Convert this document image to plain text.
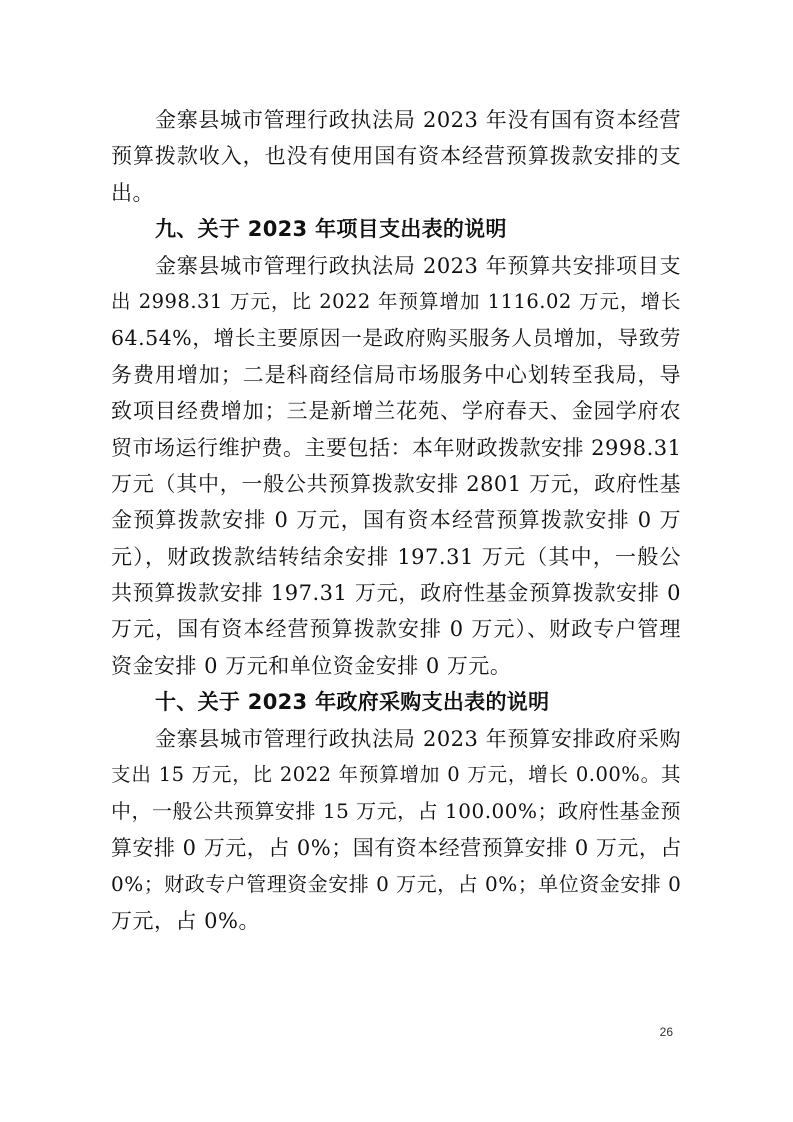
金寨县城市管理行政执法局 2023 年没有国有资本经营
预算拨款收入，也没有使用国有资本经营预算拨款安排的支
出。
九、关于 2023 年项目支出表的说明
金寨县城市管理行政执法局 2023 年预算共安排项目支
出 2998.31 万元，比 2022 年预算增加 1116.02 万元，增长
64.54%，增长主要原因一是政府购买服务人员增加，导致劳
务费用增加；二是科商经信局市场服务中心划转至我局，导
致项目经费增加；三是新增兰花苑、学府春天、金园学府农
贸市场运行维护费。主要包括：本年财政拨款安排 2998.31
万元（其中，一般公共预算拨款安排 2801 万元，政府性基
金预算拨款安排 0 万元，国有资本经营预算拨款安排 0 万
元），财政拨款结转结余安排 197.31 万元（其中，一般公
共预算拨款安排 197.31 万元，政府性基金预算拨款安排 0
万元，国有资本经营预算拨款安排 0 万元）、财政专户管理
资金安排 0 万元和单位资金安排 0 万元。
十、关于 2023 年政府采购支出表的说明
金寨县城市管理行政执法局 2023 年预算安排政府采购
支出 15 万元，比 2022 年预算增加 0 万元，增长 0.00%。其
中，一般公共预算安排 15 万元，占 100.00%；政府性基金预
算安排 0 万元，占 0%；国有资本经营预算安排 0 万元，占
0%；财政专户管理资金安排 0 万元，占 0%；单位资金安排 0
万元，占 0%。
26
